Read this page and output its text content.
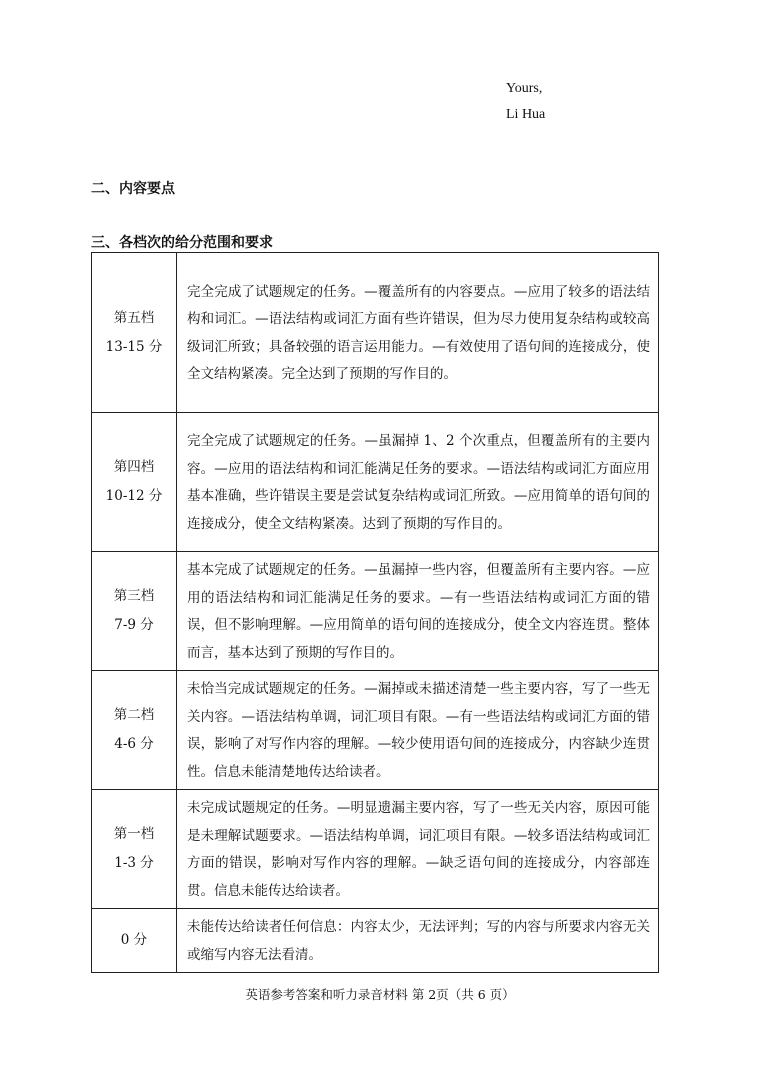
Yours,
Li Hua
二、内容要点
三、各档次的给分范围和要求
第五档
13-15 分	完全完成了试题规定的任务。—覆盖所有的内容要点。—应用了较多的语法结构和词汇。—语法结构或词汇方面有些许错误，但为尽力使用复杂结构或较高级词汇所致；具备较强的语言运用能力。—有效使用了语句间的连接成分，使全文结构紧凑。完全达到了预期的写作目的。

第四档
10-12 分	完全完成了试题规定的任务。—虽漏掉 1、2 个次重点，但覆盖所有的主要内容。—应用的语法结构和词汇能满足任务的要求。—语法结构或词汇方面应用基本准确，些许错误主要是尝试复杂结构或词汇所致。—应用简单的语句间的连接成分，使全文结构紧凑。达到了预期的写作目的。

第三档
7-9 分	基本完成了试题规定的任务。—虽漏掉一些内容，但覆盖所有主要内容。—应用的语法结构和词汇能满足任务的要求。—有一些语法结构或词汇方面的错误，但不影响理解。—应用简单的语句间的连接成分，使全文内容连贯。整体而言，基本达到了预期的写作目的。

第二档
4-6 分	未恰当完成试题规定的任务。—漏掉或未描述清楚一些主要内容，写了一些无关内容。—语法结构单调，词汇项目有限。—有一些语法结构或词汇方面的错误，影响了对写作内容的理解。—较少使用语句间的连接成分，内容缺少连贯性。信息未能清楚地传达给读者。

第一档
1-3 分	未完成试题规定的任务。—明显遗漏主要内容，写了一些无关内容，原因可能是未理解试题要求。—语法结构单调，词汇项目有限。—较多语法结构或词汇方面的错误，影响对写作内容的理解。—缺乏语句间的连接成分，内容部连贯。信息未能传达给读者。

0 分	未能传达给读者任何信息：内容太少，无法评判；写的内容与所要求内容无关或缩写内容无法看清。
英语参考答案和听力录音材料 第 2页（共 6 页）
